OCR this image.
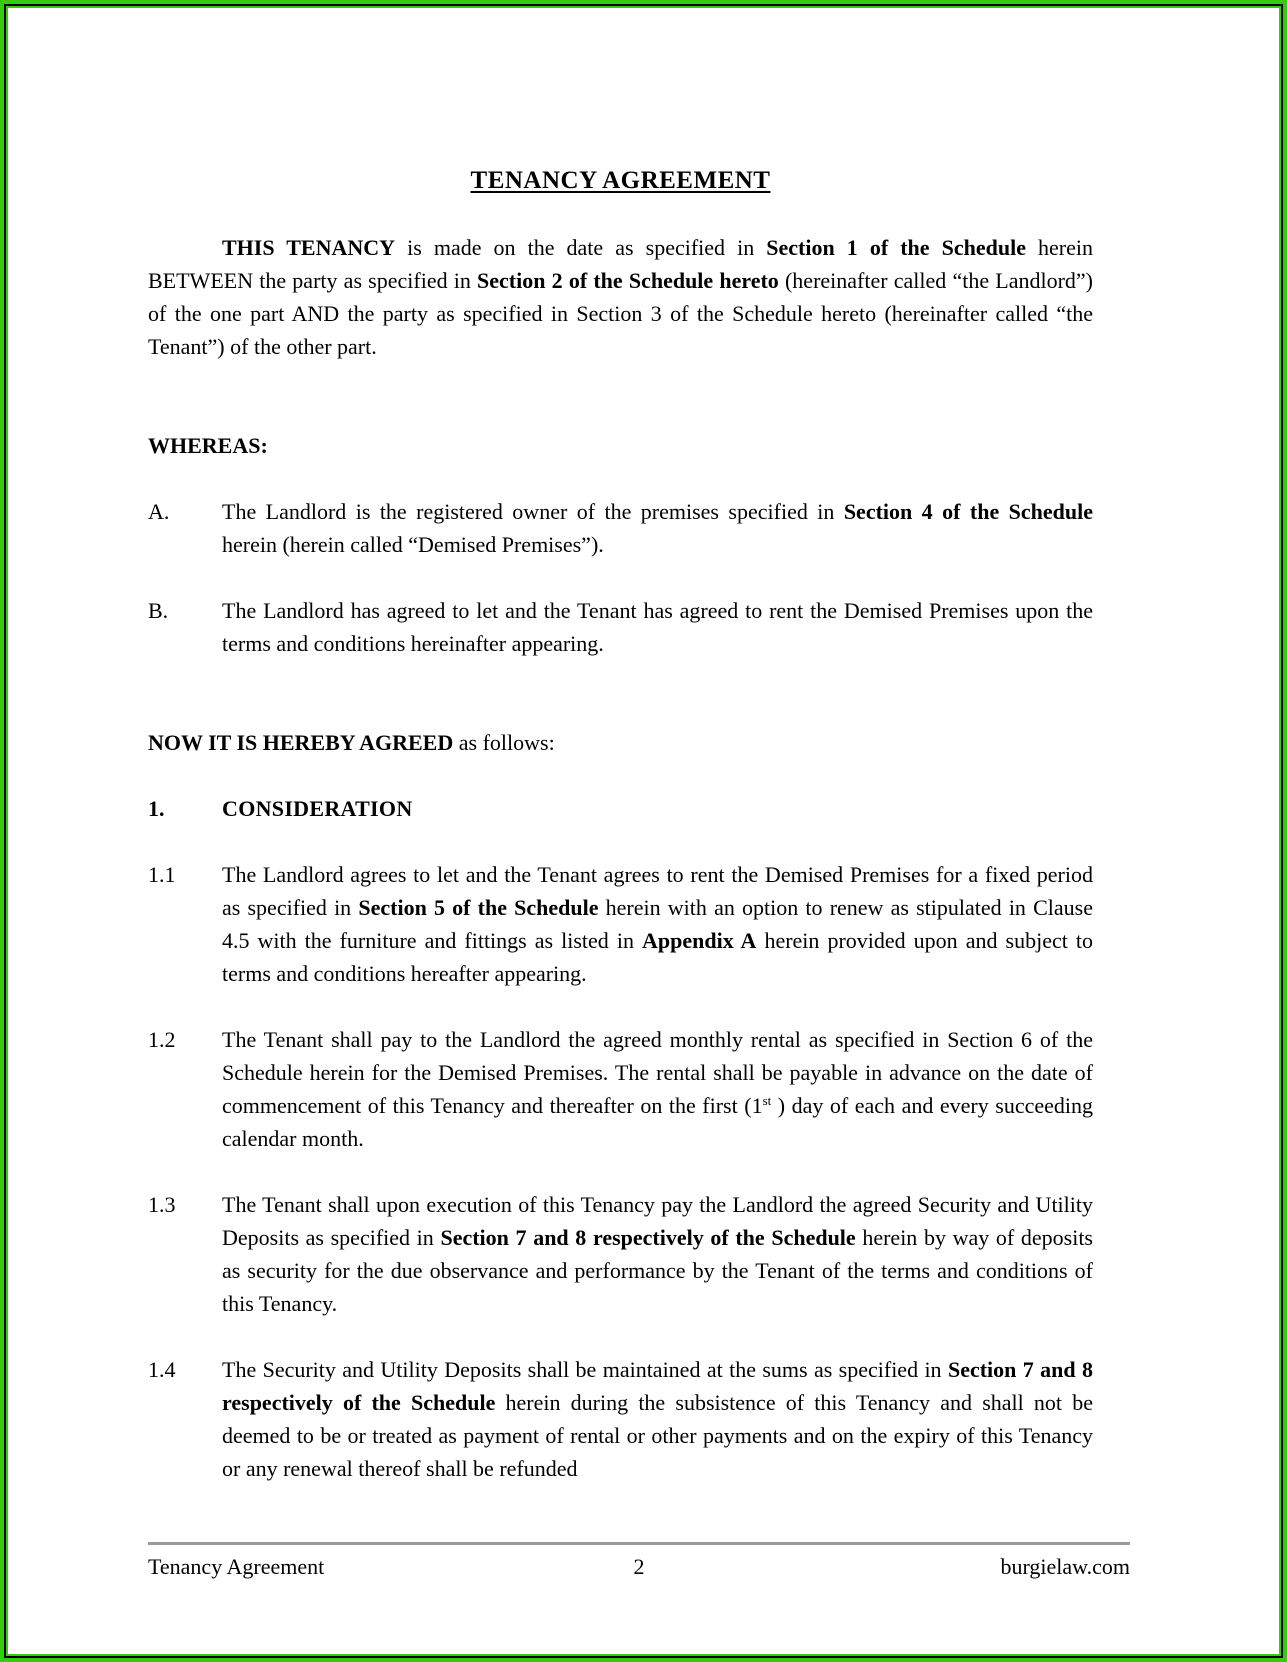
TENANCY AGREEMENT

THIS TENANCY is made on the date as specified in Section 1 of the Schedule herein BETWEEN the party as specified in Section 2 of the Schedule hereto (hereinafter called “the Landlord”) of the one part AND the party as specified in Section 3 of the Schedule hereto (hereinafter called “the Tenant”) of the other part.

WHEREAS:
A.	The Landlord is the registered owner of the premises specified in Section 4 of the Schedule herein (herein called “Demised Premises”).
B.	The Landlord has agreed to let and the Tenant has agreed to rent the Demised Premises upon the terms and conditions hereinafter appearing.
NOW IT IS HEREBY AGREED as follows:
1.	CONSIDERATION
1.1	The Landlord agrees to let and the Tenant agrees to rent the Demised Premises for a fixed period as specified in Section 5 of the Schedule herein with an option to renew as stipulated in Clause 4.5 with the furniture and fittings as listed in Appendix A herein provided upon and subject to terms and conditions hereafter appearing.
1.2	The Tenant shall pay to the Landlord the agreed monthly rental as specified in Section 6 of the Schedule herein for the Demised Premises. The rental shall be payable in advance on the date of commencement of this Tenancy and thereafter on the first (1st ) day of each and every succeeding calendar month.
1.3	The Tenant shall upon execution of this Tenancy pay the Landlord the agreed Security and Utility Deposits as specified in Section 7 and 8 respectively of the Schedule herein by way of deposits as security for the due observance and performance by the Tenant of the terms and conditions of this Tenancy.
1.4	The Security and Utility Deposits shall be maintained at the sums as specified in Section 7 and 8 respectively of the Schedule herein during the subsistence of this Tenancy and shall not be deemed to be or treated as payment of rental or other payments and on the expiry of this Tenancy or any renewal thereof shall be refunded
Tenancy Agreement	2	burgielaw.com
